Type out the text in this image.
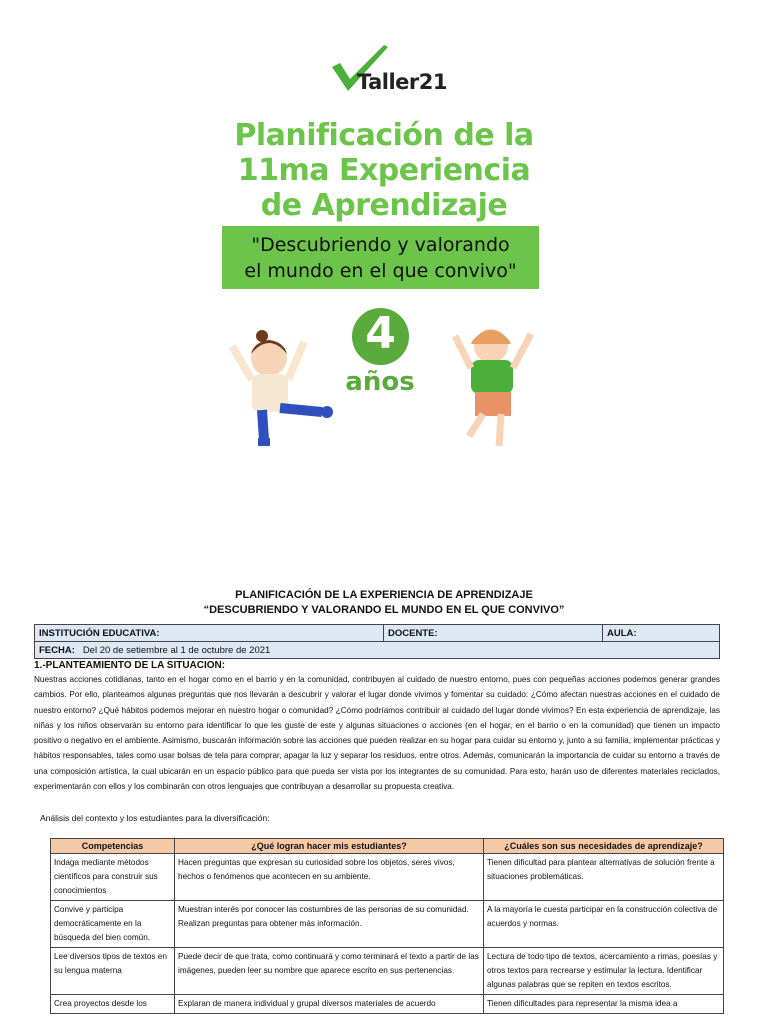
Taller21
Planificación de la
11ma Experiencia
de Aprendizaje
"Descubriendo y valorando
el mundo en el que convivo"
4
años
PLANIFICACIÓN DE LA EXPERIENCIA DE APRENDIZAJE
“DESCUBRIENDO Y VALORANDO EL MUNDO EN EL QUE CONVIVO”
INSTITUCIÓN EDUCATIVA:	DOCENTE:	AULA:
FECHA: Del 20 de setiembre al 1 de octubre de 2021
1.-PLANTEAMIENTO DE LA SITUACION:
Nuestras acciones cotidianas, tanto en el hogar como en el barrio y en la comunidad, contribuyen al cuidado de nuestro entorno, pues con pequeñas acciones podemos generar grandes cambios. Por ello, planteamos algunas preguntas que nos llevarán a descubrir y valorar el lugar donde vivimos y fomentar su cuidado: ¿Cómo afectan nuestras acciones en el cuidado de nuestro entorno? ¿Qué hábitos podemos mejorar en nuestro hogar o comunidad? ¿Cómo podríamos contribuir al cuidado del lugar donde vivimos? En esta experiencia de aprendizaje, las niñas y los niños observarán su entorno para identificar lo que les guste de este y algunas situaciones o acciones (en el hogar, en el barrio o en la comunidad) que tienen un impacto positivo o negativo en el ambiente. Asimismo, buscarán información sobre las acciones que pueden realizar en su hogar para cuidar su entorno y, junto a su familia, implementar prácticas y hábitos responsables, tales como usar bolsas de tela para comprar, apagar la luz y separar los residuos, entre otros. Además, comunicarán la importancia de cuidar su entorno a través de una composición artística, la cual ubicarán en un espacio público para que pueda ser vista por los integrantes de su comunidad. Para esto, harán uso de diferentes materiales reciclados, experimentarán con ellos y los combinarán con otros lenguajes que contribuyan a desarrollar su propuesta creativa.
Análisis del contexto y los estudiantes para la diversificación:
Competencias	¿Qué logran hacer mis estudiantes?	¿Cuáles son sus necesidades de aprendizaje?
Indaga mediante métodos científicos para construir sus conocimientos	Hacen preguntas que expresan su curiosidad sobre los objetos, seres vivos, hechos o fenómenos que acontecen en su ambiente.	Tienen dificultad para plantear alternativas de solución frente a situaciones problemáticas.
Convive y participa democráticamente en la búsqueda del bien común.	Muestran interés por conocer las costumbres de las personas de su comunidad. Realizan preguntas para obtener más información.	A la mayoría le cuesta participar en la construcción colectiva de acuerdos y normas.
Lee diversos tipos de textos en su lengua materna	Puede decir de que trata, como continuará y como terminará el texto a partir de las imágenes, pueden leer su nombre que aparece escrito en sus pertenencias.	Lectura de todo tipo de textos, acercamiento a rimas, poesías y otros textos para recrearse y estimular la lectura. Identificar algunas palabras que se repiten en textos escritos.
Crea proyectos desde los	Explaran de manera individual y grupal diversos materiales de acuerdo	Tienen dificultades para representar la misma idea a
